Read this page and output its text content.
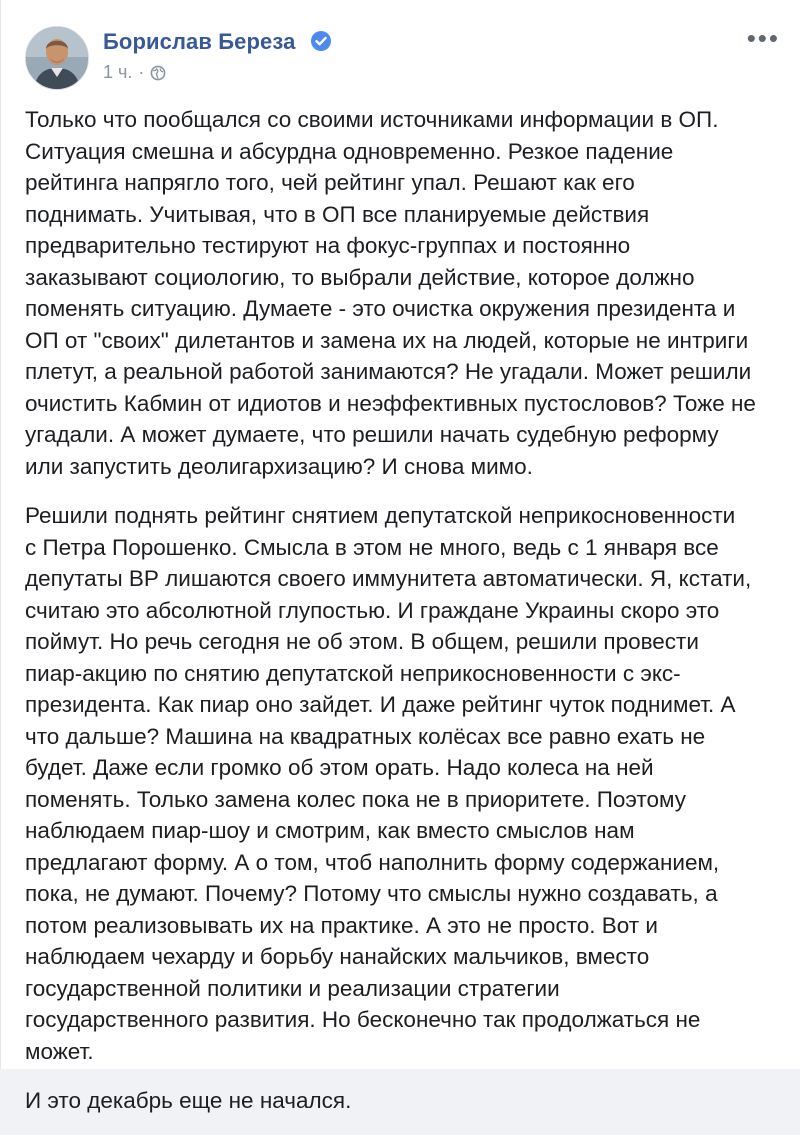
Борислав Береза
1 ч. ·
•••

Только что пообщался со своими источниками информации в ОП.
Ситуация смешна и абсурдна одновременно. Резкое падение
рейтинга напрягло того, чей рейтинг упал. Решают как его
поднимать. Учитывая, что в ОП все планируемые действия
предварительно тестируют на фокус-группах и постоянно
заказывают социологию, то выбрали действие, которое должно
поменять ситуацию. Думаете - это очистка окружения президента и
ОП от "своих" дилетантов и замена их на людей, которые не интриги
плетут, а реальной работой занимаются? Не угадали. Может решили
очистить Кабмин от идиотов и неэффективных пустословов? Тоже не
угадали. А может думаете, что решили начать судебную реформу
или запустить деолигархизацию? И снова мимо.

Решили поднять рейтинг снятием депутатской неприкосновенности
с Петра Порошенко. Смысла в этом не много, ведь с 1 января все
депутаты ВР лишаются своего иммунитета автоматически. Я, кстати,
считаю это абсолютной глупостью. И граждане Украины скоро это
поймут. Но речь сегодня не об этом. В общем, решили провести
пиар-акцию по снятию депутатской неприкосновенности с экс-
президента. Как пиар оно зайдет. И даже рейтинг чуток поднимет. А
что дальше? Машина на квадратных колёсах все равно ехать не
будет. Даже если громко об этом орать. Надо колеса на ней
поменять. Только замена колес пока не в приоритете. Поэтому
наблюдаем пиар-шоу и смотрим, как вместо смыслов нам
предлагают форму. А о том, чтоб наполнить форму содержанием,
пока, не думают. Почему? Потому что смыслы нужно создавать, а
потом реализовывать их на практике. А это не просто. Вот и
наблюдаем чехарду и борьбу нанайских мальчиков, вместо
государственной политики и реализации стратегии
государственного развития. Но бесконечно так продолжаться не
может.

И это декабрь еще не начался.
